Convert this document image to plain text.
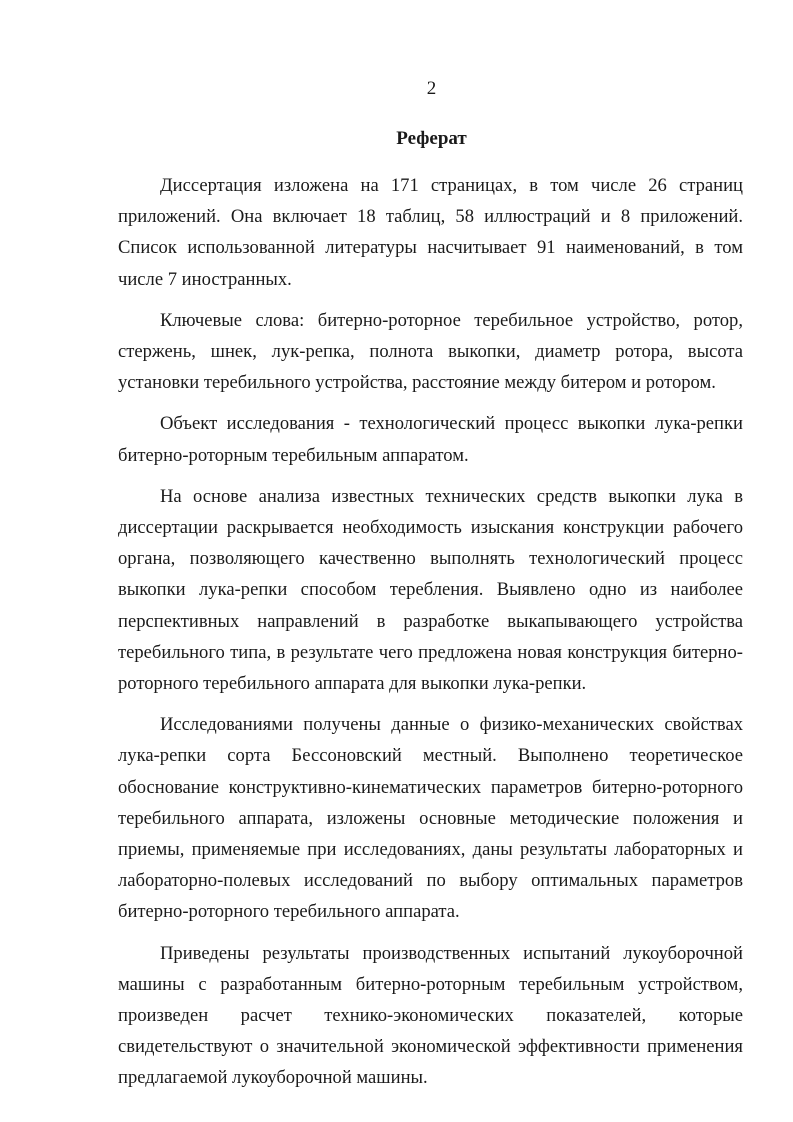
2
Реферат

Диссертация изложена на 171 страницах, в том числе 26 страниц приложений. Она включает 18 таблиц, 58 иллюстраций и 8 приложений. Список использованной литературы насчитывает 91 наименований, в том числе 7 иностранных.

Ключевые слова: битерно-роторное теребильное устройство, ротор, стержень, шнек, лук-репка, полнота выкопки, диаметр ротора, высота установки теребильного устройства, расстояние между битером и ротором.

Объект исследования - технологический процесс выкопки лука-репки битерно-роторным теребильным аппаратом.

На основе анализа известных технических средств выкопки лука в диссертации раскрывается необходимость изыскания конструкции рабочего органа, позволяющего качественно выполнять технологический процесс выкопки лука-репки способом теребления. Выявлено одно из наиболее перспективных направлений в разработке выкапывающего устройства теребильного типа, в результате чего предложена новая конструкция битерно-роторного теребильного аппарата для выкопки лука-репки.

Исследованиями получены данные о физико-механических свойствах лука-репки сорта Бессоновский местный. Выполнено теоретическое обоснование конструктивно-кинематических параметров битерно-роторного теребильного аппарата, изложены основные методические положения и приемы, применяемые при исследованиях, даны результаты лабораторных и лабораторно-полевых исследований по выбору оптимальных параметров битерно-роторного теребильного аппарата.

Приведены результаты производственных испытаний лукоуборочной машины с разработанным битерно-роторным теребильным устройством, произведен расчет технико-экономических показателей, которые свидетельствуют о значительной экономической эффективности применения предлагаемой лукоуборочной машины.
